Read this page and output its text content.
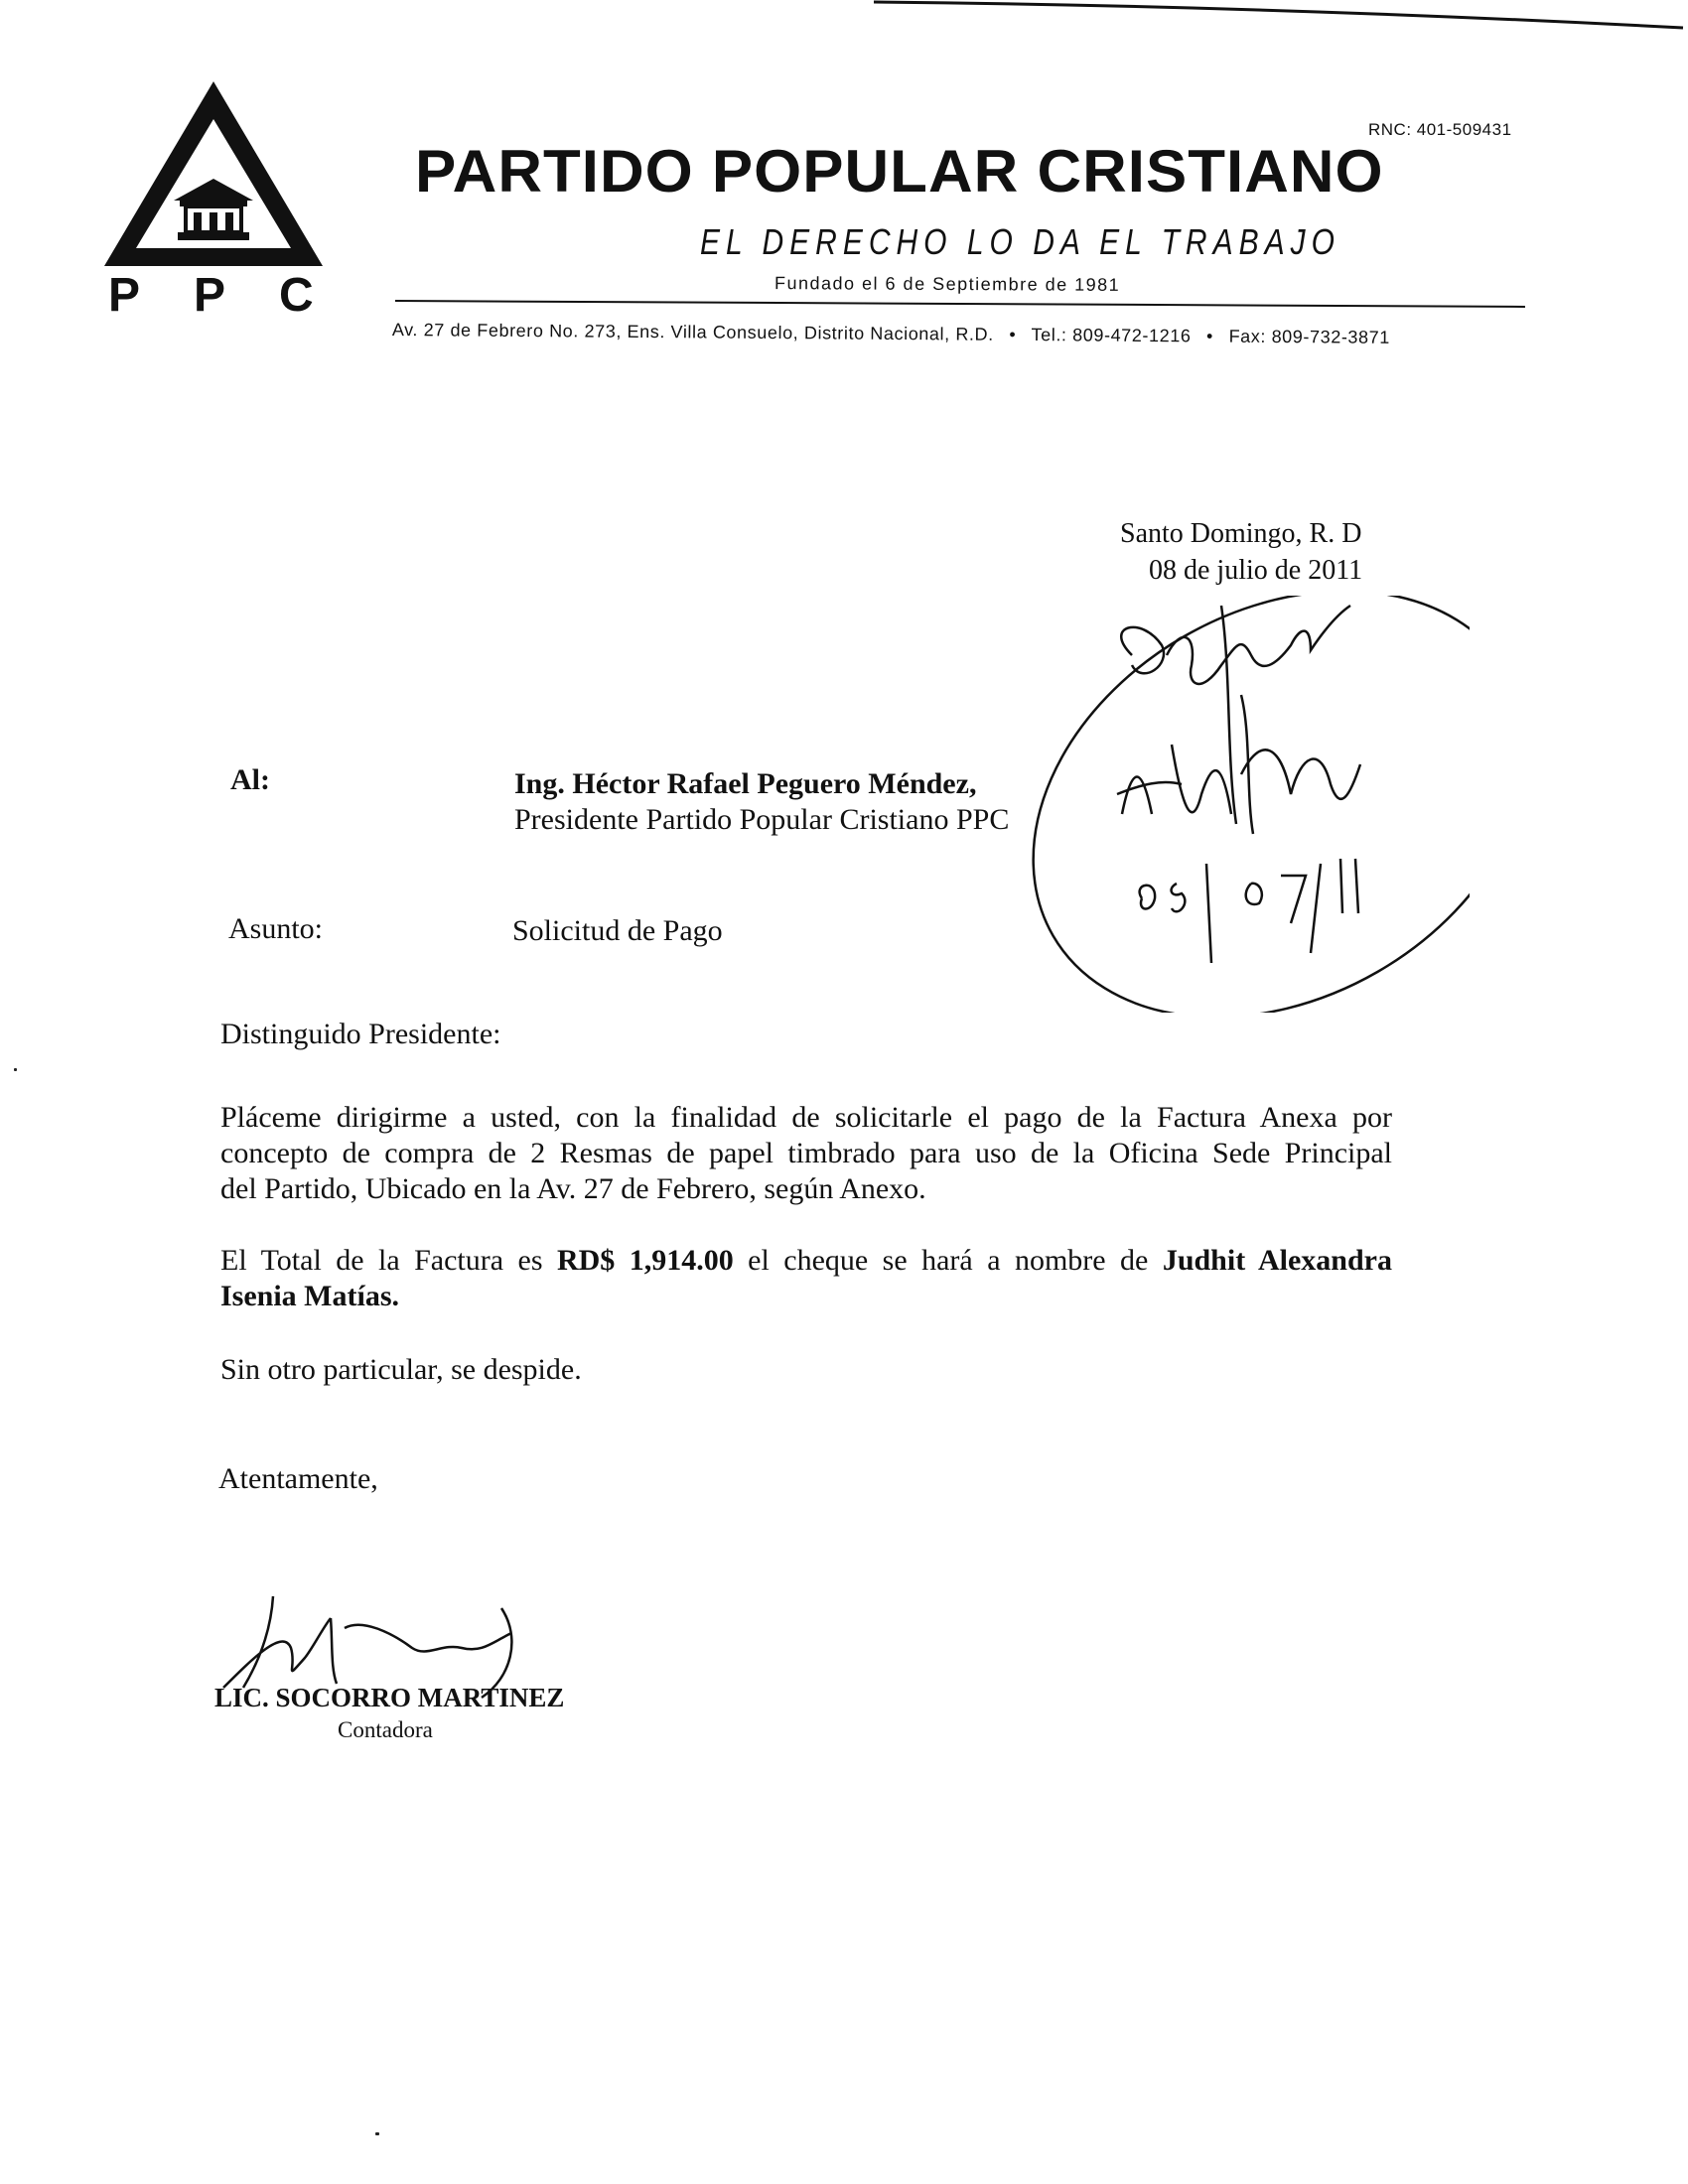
P P C
RNC: 401-509431
PARTIDO POPULAR CRISTIANO
EL DERECHO LO DA EL TRABAJO
Fundado el 6 de Septiembre de 1981
Av. 27 de Febrero No. 273, Ens. Villa Consuelo, Distrito Nacional, R.D. • Tel.: 809-472-1216 • Fax: 809-732-3871
Santo Domingo, R. D
08 de julio de 2011
Al:	Ing. Héctor Rafael Peguero Méndez,
Presidente Partido Popular Cristiano PPC
Asunto:	Solicitud de Pago
Distinguido Presidente:
Pláceme dirigirme a usted, con la finalidad de solicitarle el pago de la Factura Anexa por
concepto de compra de 2 Resmas de papel timbrado para uso de la Oficina Sede Principal
del Partido, Ubicado en la Av. 27 de Febrero, según Anexo.
El Total de la Factura es RD$ 1,914.00 el cheque se hará a nombre de Judhit Alexandra
Isenia Matías.
Sin otro particular, se despide.
Atentamente,
LIC. SOCORRO MARTINEZ
Contadora
